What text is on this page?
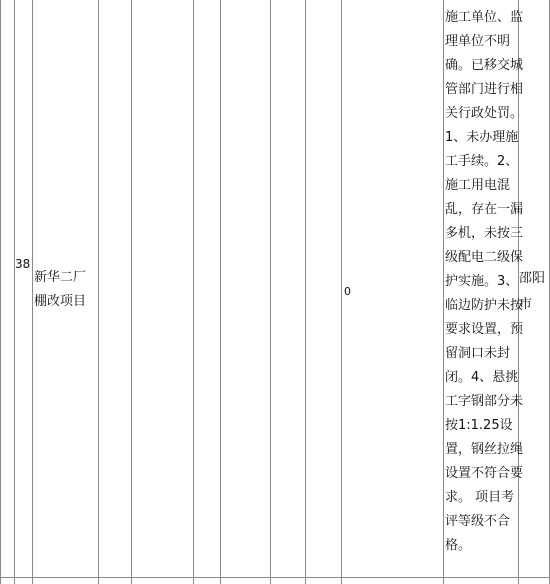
38
新华二厂棚改项目
0
施工单位、监
理单位不明
确。已移交城
管部门进行相
关行政处罚。
1、未办理施
工手续。2、
施工用电混
乱，存在一漏
多机，未按三
级配电二级保
护实施。3、
临边防护未按
要求设置，预
留洞口未封
闭。4、悬挑
工字钢部分未
按1:1.25设
置，钢丝拉绳
设置不符合要
求。 项目考
评等级不合
格。
邵阳市
